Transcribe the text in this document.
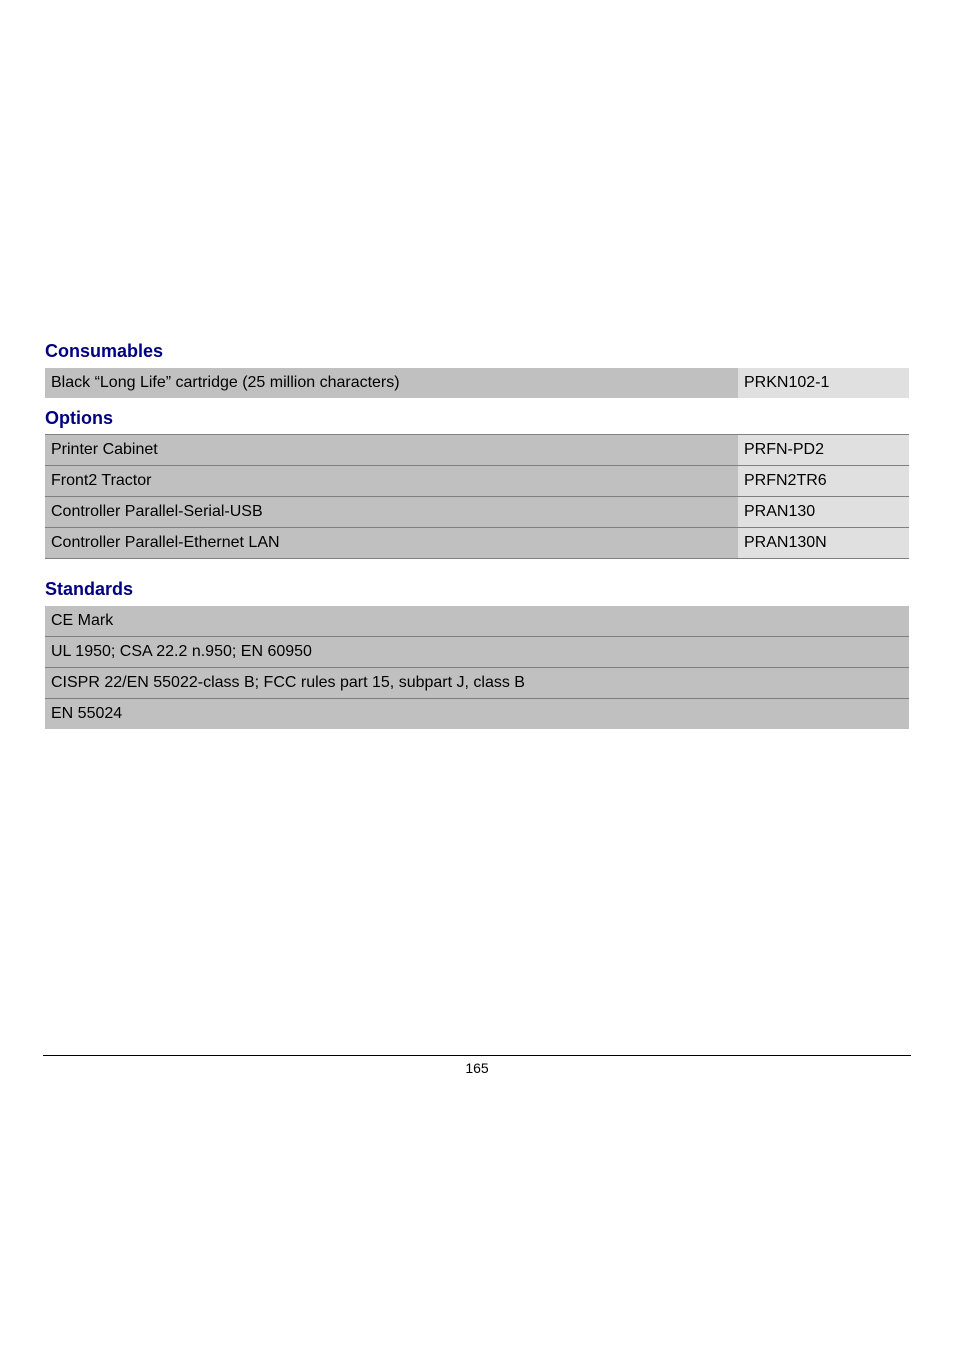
Consumables
Black “Long Life” cartridge (25 million characters)	PRKN102-1
Options
Printer Cabinet	PRFN-PD2
Front2 Tractor	PRFN2TR6
Controller Parallel-Serial-USB	PRAN130
Controller Parallel-Ethernet LAN	PRAN130N
Standards
CE Mark
UL 1950; CSA 22.2 n.950; EN 60950
CISPR 22/EN 55022-class B; FCC rules part 15, subpart J, class B
EN 55024
165
